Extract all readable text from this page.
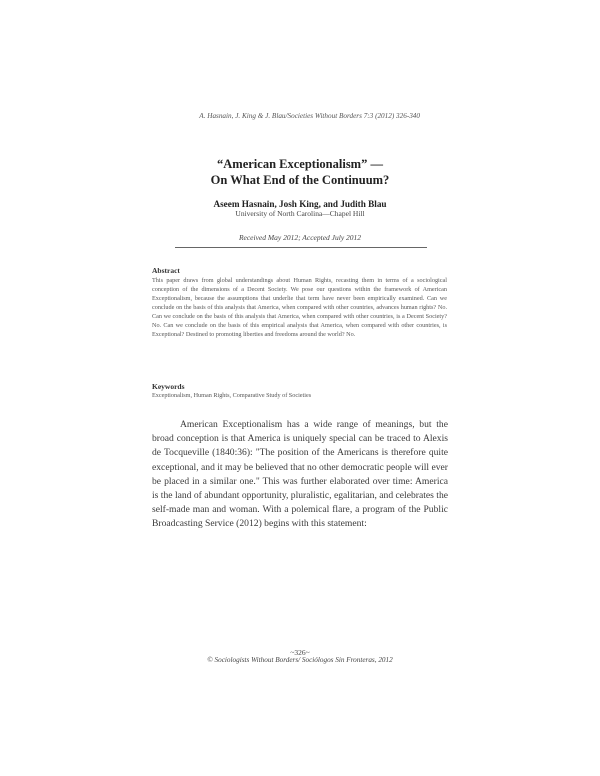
A. Hasnain, J. King & J. Blau/Societies Without Borders 7:3 (2012) 326-340
“American Exceptionalism” —
On What End of the Continuum?
Aseem Hasnain, Josh King, and Judith Blau
University of North Carolina—Chapel Hill
Received May 2012; Accepted July 2012
Abstract
This paper draws from global understandings about Human Rights, recasting them in terms of a sociological conception of the dimensions of a Decent Society. We pose our questions within the framework of American Exceptionalism, because the assumptions that underlie that term have never been empirically examined. Can we conclude on the basis of this analysis that America, when compared with other countries, advances human rights? No. Can we conclude on the basis of this analysis that America, when compared with other countries, is a Decent Society? No. Can we conclude on the basis of this empirical analysis that America, when compared with other countries, is Exceptional? Destined to promoting liberties and freedoms around the world? No.
Keywords
Exceptionalism, Human Rights, Comparative Study of Societies
American Exceptionalism has a wide range of meanings, but the broad conception is that America is uniquely special can be traced to Alexis de Tocqueville (1840:36): "The position of the Americans is therefore quite exceptional, and it may be believed that no other democratic people will ever be placed in a similar one." This was further elaborated over time: America is the land of abundant opportunity, pluralistic, egalitarian, and celebrates the self-made man and woman. With a polemical flare, a program of the Public Broadcasting Service (2012) begins with this statement:
~326~
© Sociologists Without Borders/ Sociólogos Sin Fronteras, 2012
